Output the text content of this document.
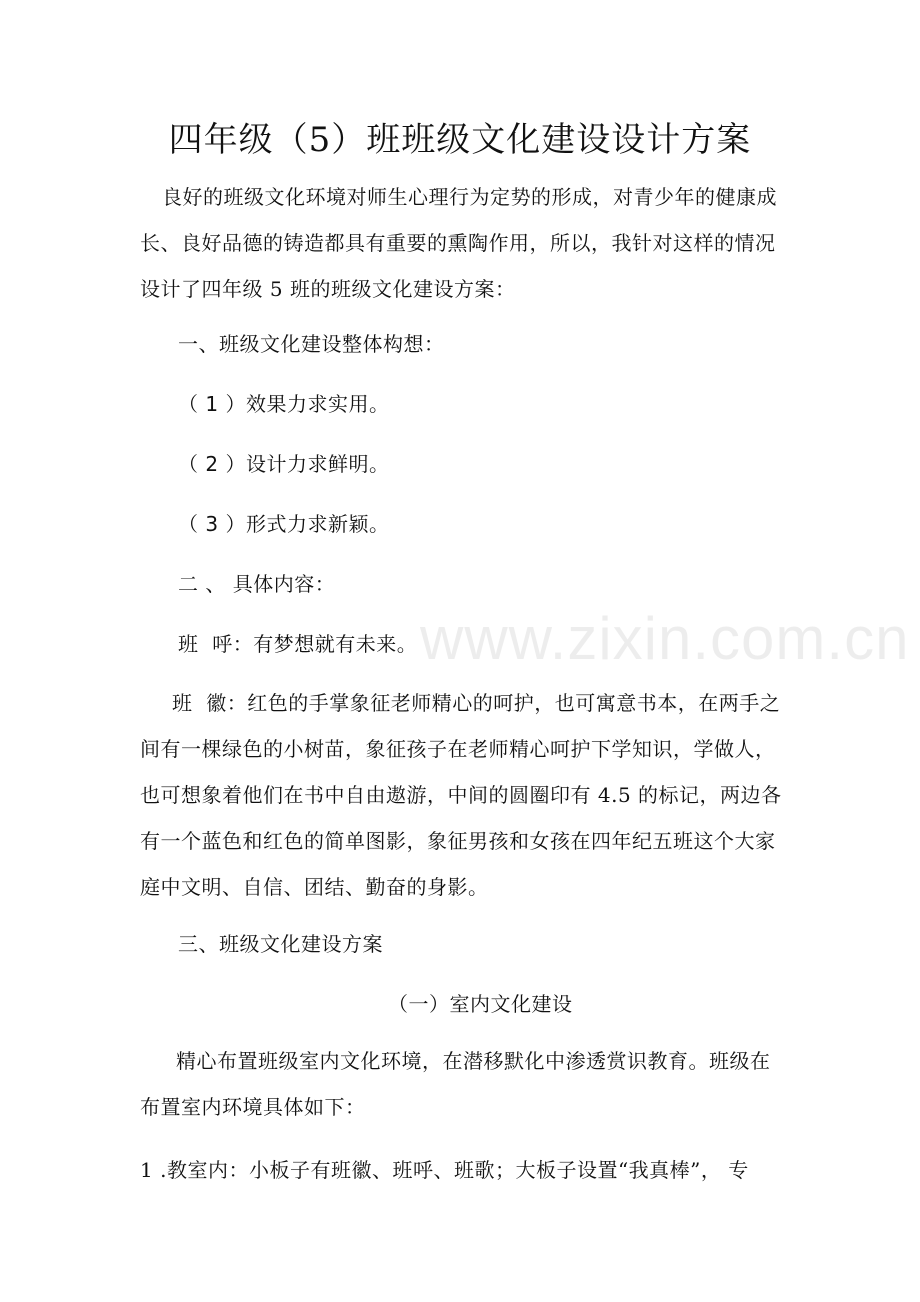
四年级（5）班班级文化建设设计方案
良好的班级文化环境对师生心理行为定势的形成，对青少年的健康成长、良好品德的铸造都具有重要的熏陶作用，所以，我针对这样的情况设计了四年级 5 班的班级文化建设方案：
一、班级文化建设整体构想：
（ 1 ）效果力求实用。
（ 2 ）设计力求鲜明。
（ 3 ）形式力求新颖。
二 、 具体内容：
www.zixin.com.cn
班  呼：有梦想就有未来。
班  徽：红色的手掌象征老师精心的呵护，也可寓意书本，在两手之间有一棵绿色的小树苗，象征孩子在老师精心呵护下学知识，学做人，也可想象着他们在书中自由遨游，中间的圆圈印有 4.5 的标记，两边各有一个蓝色和红色的简单图影，象征男孩和女孩在四年纪五班这个大家庭中文明、自信、团结、勤奋的身影。
三、班级文化建设方案
（一）室内文化建设
精心布置班级室内文化环境，在潜移默化中渗透赏识教育。班级在布置室内环境具体如下：
1 .教室内：小板子有班徽、班呼、班歌；大板子设置“我真棒”， 专
